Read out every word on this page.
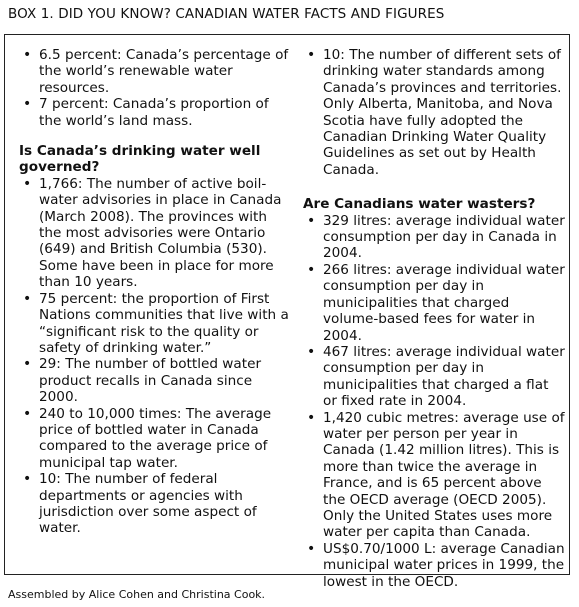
BOX 1. DID YOU KNOW? CANADIAN WATER FACTS AND FIGURES
• 6.5 percent: Canada’s percentage of the world’s renewable water resources.
• 7 percent: Canada’s proportion of the world’s land mass.

Is Canada’s drinking water well governed?

• 1,766: The number of active boil-water advisories in place in Canada (March 2008). The provinces with the most advisories were Ontario (649) and British Columbia (530). Some have been in place for more than 10 years.
• 75 percent: the proportion of First Nations communities that live with a “significant risk to the quality or safety of drinking water.”
• 29: The number of bottled water product recalls in Canada since 2000.
• 240 to 10,000 times: The average price of bottled water in Canada compared to the average price of municipal tap water.
• 10: The number of federal departments or agencies with jurisdiction over some aspect of water.
• 10: The number of different sets of drinking water standards among Canada’s provinces and territories. Only Alberta, Manitoba, and Nova Scotia have fully adopted the Canadian Drinking Water Quality Guidelines as set out by Health Canada.

Are Canadians water wasters?

• 329 litres: average individual water consumption per day in Canada in 2004.
• 266 litres: average individual water consumption per day in municipalities that charged volume-based fees for water in 2004.
• 467 litres: average individual water consumption per day in municipalities that charged a flat or fixed rate in 2004.
• 1,420 cubic metres: average use of water per person per year in Canada (1.42 million litres). This is more than twice the average in France, and is 65 percent above the OECD average (OECD 2005). Only the United States uses more water per capita than Canada.
• US$0.70/1000 L: average Canadian municipal water prices in 1999, the lowest in the OECD.
Assembled by Alice Cohen and Christina Cook.
